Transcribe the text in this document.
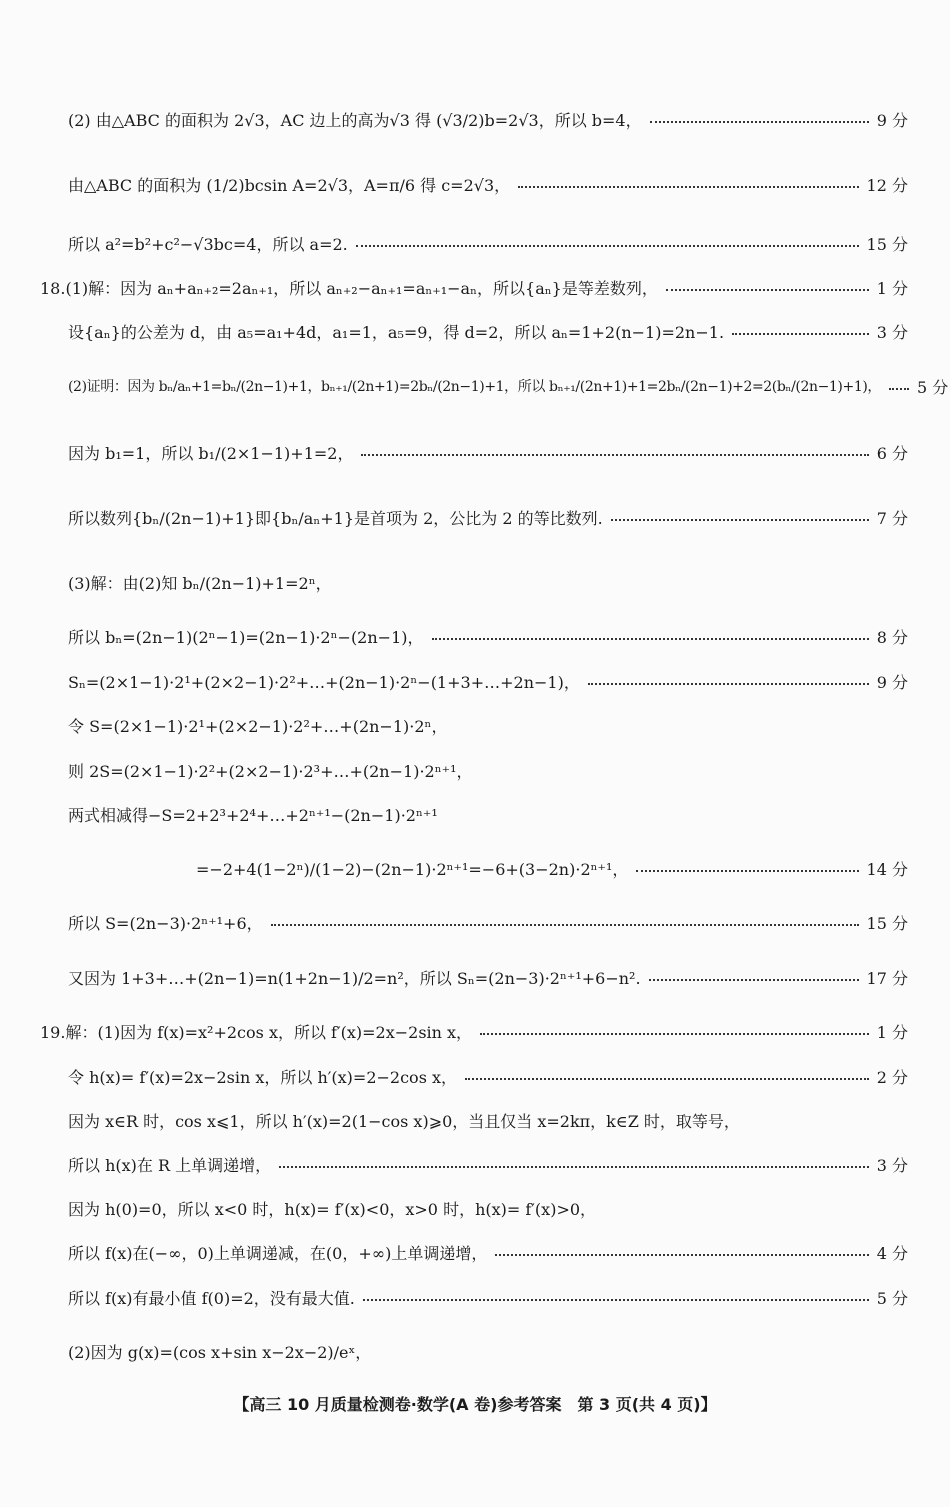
(2) 由△ABC 的面积为 2√3，AC 边上的高为√3 得 (√3/2)b=2√3，所以 b=4，	9 分
由△ABC 的面积为 (1/2)bcsin A=2√3，A=π/6 得 c=2√3，	12 分
所以 a²=b²+c²−√3bc=4，所以 a=2.	15 分
18.(1)解：因为 aₙ+aₙ₊₂=2aₙ₊₁，所以 aₙ₊₂−aₙ₊₁=aₙ₊₁−aₙ，所以{aₙ}是等差数列，	1 分
设{aₙ}的公差为 d，由 a₅=a₁+4d，a₁=1，a₅=9，得 d=2，所以 aₙ=1+2(n−1)=2n−1.	3 分
(2)证明：因为 bₙ/aₙ+1=bₙ/(2n−1)+1，bₙ₊₁/(2n+1)=2bₙ/(2n−1)+1，所以 bₙ₊₁/(2n+1)+1=2bₙ/(2n−1)+2=2(bₙ/(2n−1)+1)， 5 分
因为 b₁=1，所以 b₁/(2×1−1)+1=2，	6 分
所以数列{bₙ/(2n−1)+1}即{bₙ/aₙ+1}是首项为 2，公比为 2 的等比数列.	7 分
(3)解：由(2)知 bₙ/(2n−1)+1=2ⁿ，
所以 bₙ=(2n−1)(2ⁿ−1)=(2n−1)·2ⁿ−(2n−1)，	8 分
Sₙ=(2×1−1)·2¹+(2×2−1)·2²+…+(2n−1)·2ⁿ−(1+3+…+2n−1)，	9 分
令 S=(2×1−1)·2¹+(2×2−1)·2²+…+(2n−1)·2ⁿ，
则 2S=(2×1−1)·2²+(2×2−1)·2³+…+(2n−1)·2ⁿ⁺¹，
两式相减得−S=2+2³+2⁴+…+2ⁿ⁺¹−(2n−1)·2ⁿ⁺¹
=−2+4(1−2ⁿ)/(1−2)−(2n−1)·2ⁿ⁺¹=−6+(3−2n)·2ⁿ⁺¹，	14 分
所以 S=(2n−3)·2ⁿ⁺¹+6，	15 分
又因为 1+3+…+(2n−1)=n(1+2n−1)/2=n²，所以 Sₙ=(2n−3)·2ⁿ⁺¹+6−n².	17 分
19.解：(1)因为 f(x)=x²+2cos x，所以 f′(x)=2x−2sin x，	1 分
令 h(x)= f′(x)=2x−2sin x，所以 h′(x)=2−2cos x，	2 分
因为 x∈R 时，cos x⩽1，所以 h′(x)=2(1−cos x)⩾0，当且仅当 x=2kπ，k∈Z 时，取等号，
所以 h(x)在 R 上单调递增，	3 分
因为 h(0)=0，所以 x<0 时，h(x)= f′(x)<0，x>0 时，h(x)= f′(x)>0，
所以 f(x)在(−∞，0)上单调递减，在(0，+∞)上单调递增，	4 分
所以 f(x)有最小值 f(0)=2，没有最大值.	5 分
(2)因为 g(x)=(cos x+sin x−2x−2)/eˣ，
【高三 10 月质量检测卷·数学(A 卷)参考答案　第 3 页(共 4 页)】
